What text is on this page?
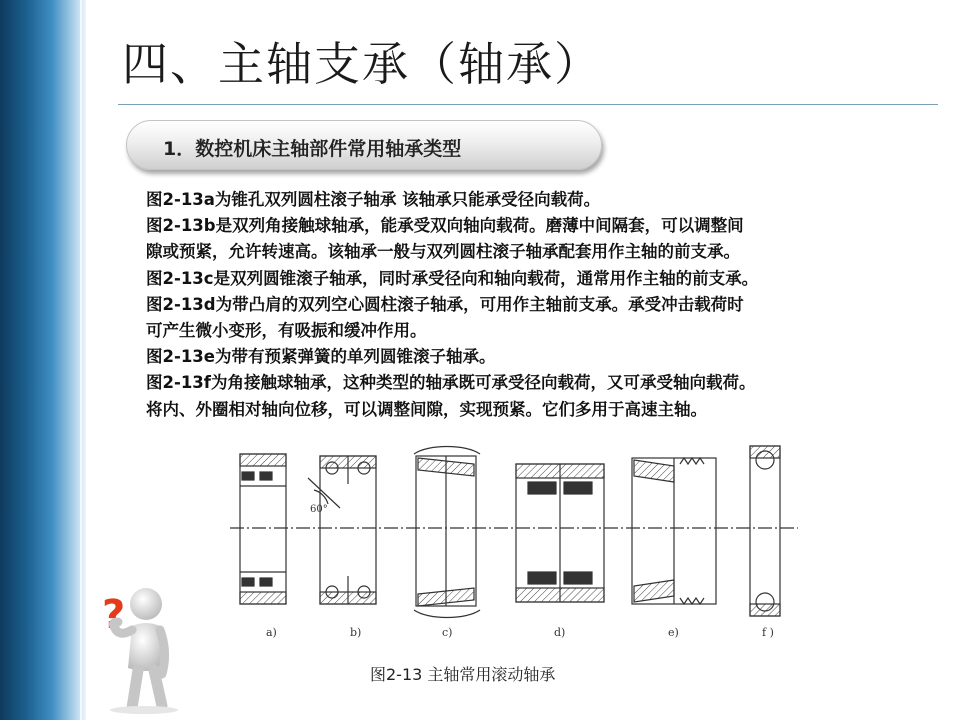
四、主轴支承（轴承）
1．数控机床主轴部件常用轴承类型
图2-13a为锥孔双列圆柱滚子轴承 该轴承只能承受径向载荷。
图2-13b是双列角接触球轴承，能承受双向轴向载荷。磨薄中间隔套，可以调整间
隙或预紧，允许转速高。该轴承一般与双列圆柱滚子轴承配套用作主轴的前支承。
图2-13c是双列圆锥滚子轴承，同时承受径向和轴向载荷，通常用作主轴的前支承。
图2-13d为带凸肩的双列空心圆柱滚子轴承，可用作主轴前支承。承受冲击载荷时
可产生微小变形，有吸振和缓冲作用。
图2-13e为带有预紧弹簧的单列圆锥滚子轴承。
图2-13f为角接触球轴承，这种类型的轴承既可承受径向载荷，又可承受轴向载荷。
将内、外圈相对轴向位移，可以调整间隙，实现预紧。它们多用于高速主轴。
60°
a)	b)	c)	d)	e)	f )
图2-13 主轴常用滚动轴承
?
